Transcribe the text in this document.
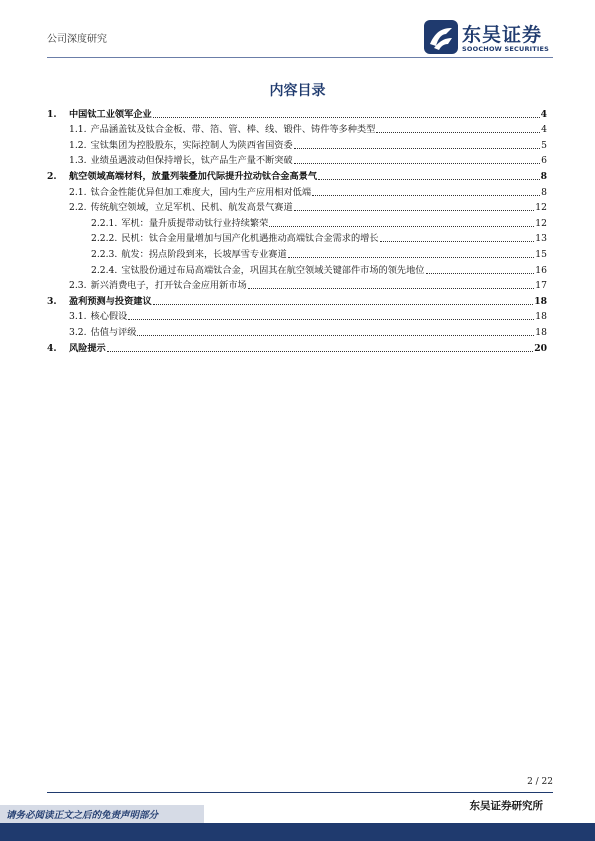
公司深度研究	东吴证券
SOOCHOW SECURITIES
内容目录
1.	中国钛工业领军企业	4
1.1. 产品涵盖钛及钛合金板、带、箔、管、棒、线、锻件、铸件等多种类型	4
1.2. 宝钛集团为控股股东，实际控制人为陕西省国资委	5
1.3. 业绩虽遇波动但保持增长，钛产品生产量不断突破	6
2.	航空领域高端材料，放量列装叠加代际提升拉动钛合金高景气	8
2.1. 钛合金性能优异但加工难度大，国内生产应用相对低端	8
2.2. 传统航空领域，立足军机、民机、航发高景气赛道	12
2.2.1. 军机：量升质提带动钛行业持续繁荣	12
2.2.2. 民机：钛合金用量增加与国产化机遇推动高端钛合金需求的增长	13
2.2.3. 航发：拐点阶段到来，长坡厚雪专业赛道	15
2.2.4. 宝钛股份通过布局高端钛合金，巩固其在航空领域关键部件市场的领先地位	16
2.3. 新兴消费电子，打开钛合金应用新市场	17
3.	盈利预测与投资建议	18
3.1. 核心假设	18
3.2. 估值与评级	18
4.	风险提示	20
2 / 22
东吴证券研究所
请务必阅读正文之后的免责声明部分
